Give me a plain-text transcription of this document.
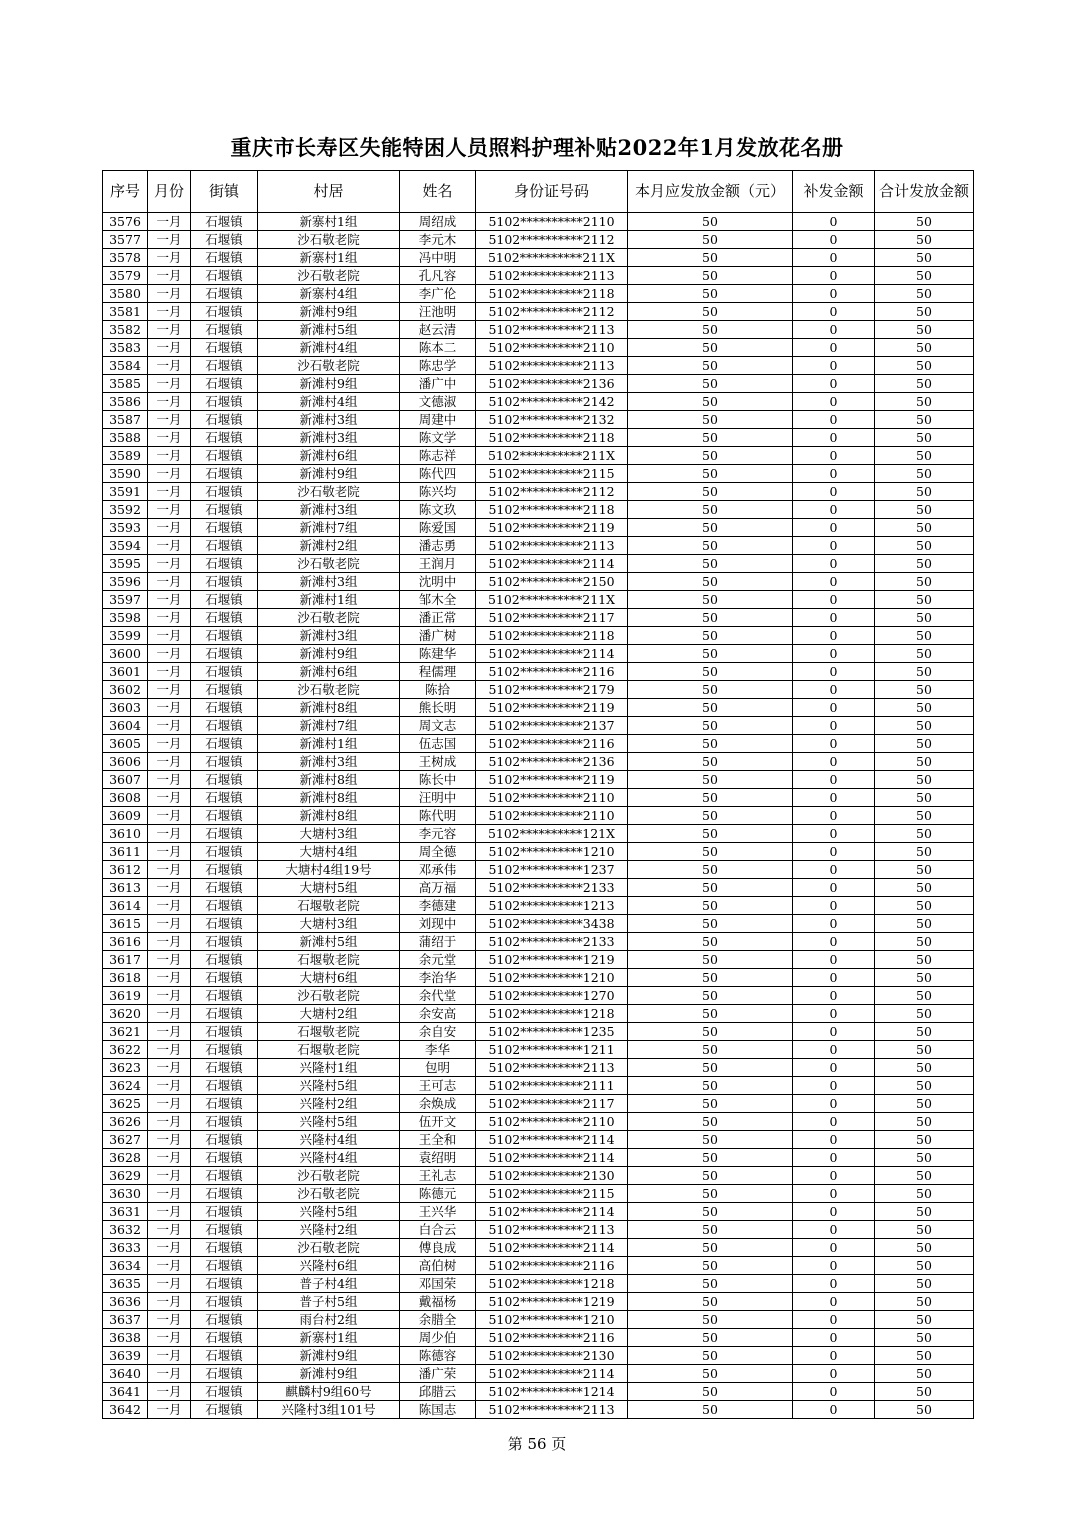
重庆市长寿区失能特困人员照料护理补贴2022年1月发放花名册
序号	月份	街镇	村居	姓名	身份证号码	本月应发放金额（元）	补发金额	合计发放金额
3576	一月	石堰镇	新寨村1组	周绍成	5102**********2110	50	0	50
3577	一月	石堰镇	沙石敬老院	李元木	5102**********2112	50	0	50
3578	一月	石堰镇	新寨村1组	冯中明	5102**********211X	50	0	50
3579	一月	石堰镇	沙石敬老院	孔凡容	5102**********2113	50	0	50
3580	一月	石堰镇	新寨村4组	李广伦	5102**********2118	50	0	50
3581	一月	石堰镇	新滩村9组	汪池明	5102**********2112	50	0	50
3582	一月	石堰镇	新滩村5组	赵云清	5102**********2113	50	0	50
3583	一月	石堰镇	新滩村4组	陈本二	5102**********2110	50	0	50
3584	一月	石堰镇	沙石敬老院	陈忠学	5102**********2113	50	0	50
3585	一月	石堰镇	新滩村9组	潘广中	5102**********2136	50	0	50
3586	一月	石堰镇	新滩村4组	文德淑	5102**********2142	50	0	50
3587	一月	石堰镇	新滩村3组	周建中	5102**********2132	50	0	50
3588	一月	石堰镇	新滩村3组	陈文学	5102**********2118	50	0	50
3589	一月	石堰镇	新滩村6组	陈志祥	5102**********211X	50	0	50
3590	一月	石堰镇	新滩村9组	陈代四	5102**********2115	50	0	50
3591	一月	石堰镇	沙石敬老院	陈兴均	5102**********2112	50	0	50
3592	一月	石堰镇	新滩村3组	陈文玖	5102**********2118	50	0	50
3593	一月	石堰镇	新滩村7组	陈爱国	5102**********2119	50	0	50
3594	一月	石堰镇	新滩村2组	潘志勇	5102**********2113	50	0	50
3595	一月	石堰镇	沙石敬老院	王润月	5102**********2114	50	0	50
3596	一月	石堰镇	新滩村3组	沈明中	5102**********2150	50	0	50
3597	一月	石堰镇	新滩村1组	邹木全	5102**********211X	50	0	50
3598	一月	石堰镇	沙石敬老院	潘正常	5102**********2117	50	0	50
3599	一月	石堰镇	新滩村3组	潘广树	5102**********2118	50	0	50
3600	一月	石堰镇	新滩村9组	陈建华	5102**********2114	50	0	50
3601	一月	石堰镇	新滩村6组	程儒理	5102**********2116	50	0	50
3602	一月	石堰镇	沙石敬老院	陈拾	5102**********2179	50	0	50
3603	一月	石堰镇	新滩村8组	熊长明	5102**********2119	50	0	50
3604	一月	石堰镇	新滩村7组	周文志	5102**********2137	50	0	50
3605	一月	石堰镇	新滩村1组	伍志国	5102**********2116	50	0	50
3606	一月	石堰镇	新滩村3组	王树成	5102**********2136	50	0	50
3607	一月	石堰镇	新滩村8组	陈长中	5102**********2119	50	0	50
3608	一月	石堰镇	新滩村8组	汪明中	5102**********2110	50	0	50
3609	一月	石堰镇	新滩村8组	陈代明	5102**********2110	50	0	50
3610	一月	石堰镇	大塘村3组	李元容	5102**********121X	50	0	50
3611	一月	石堰镇	大塘村4组	周全德	5102**********1210	50	0	50
3612	一月	石堰镇	大塘村4组19号	邓承伟	5102**********1237	50	0	50
3613	一月	石堰镇	大塘村5组	高万福	5102**********2133	50	0	50
3614	一月	石堰镇	石堰敬老院	李德建	5102**********1213	50	0	50
3615	一月	石堰镇	大塘村3组	刘现中	5102**********3438	50	0	50
3616	一月	石堰镇	新滩村5组	蒲绍于	5102**********2133	50	0	50
3617	一月	石堰镇	石堰敬老院	余元堂	5102**********1219	50	0	50
3618	一月	石堰镇	大塘村6组	李治华	5102**********1210	50	0	50
3619	一月	石堰镇	沙石敬老院	余代堂	5102**********1270	50	0	50
3620	一月	石堰镇	大塘村2组	余安高	5102**********1218	50	0	50
3621	一月	石堰镇	石堰敬老院	余自安	5102**********1235	50	0	50
3622	一月	石堰镇	石堰敬老院	李华	5102**********1211	50	0	50
3623	一月	石堰镇	兴隆村1组	包明	5102**********2113	50	0	50
3624	一月	石堰镇	兴隆村5组	王可志	5102**********2111	50	0	50
3625	一月	石堰镇	兴隆村2组	余焕成	5102**********2117	50	0	50
3626	一月	石堰镇	兴隆村5组	伍开文	5102**********2110	50	0	50
3627	一月	石堰镇	兴隆村4组	王全和	5102**********2114	50	0	50
3628	一月	石堰镇	兴隆村4组	袁绍明	5102**********2114	50	0	50
3629	一月	石堰镇	沙石敬老院	王礼志	5102**********2130	50	0	50
3630	一月	石堰镇	沙石敬老院	陈德元	5102**********2115	50	0	50
3631	一月	石堰镇	兴隆村5组	王兴华	5102**********2114	50	0	50
3632	一月	石堰镇	兴隆村2组	白合云	5102**********2113	50	0	50
3633	一月	石堰镇	沙石敬老院	傅良成	5102**********2114	50	0	50
3634	一月	石堰镇	兴隆村6组	高伯树	5102**********2116	50	0	50
3635	一月	石堰镇	普子村4组	邓国荣	5102**********1218	50	0	50
3636	一月	石堰镇	普子村5组	戴福杨	5102**********1219	50	0	50
3637	一月	石堰镇	雨台村2组	余腊全	5102**********1210	50	0	50
3638	一月	石堰镇	新寨村1组	周少伯	5102**********2116	50	0	50
3639	一月	石堰镇	新滩村9组	陈德容	5102**********2130	50	0	50
3640	一月	石堰镇	新滩村9组	潘广荣	5102**********2114	50	0	50
3641	一月	石堰镇	麒麟村9组60号	邱腊云	5102**********1214	50	0	50
3642	一月	石堰镇	兴隆村3组101号	陈国志	5102**********2113	50	0	50
第 56 页
